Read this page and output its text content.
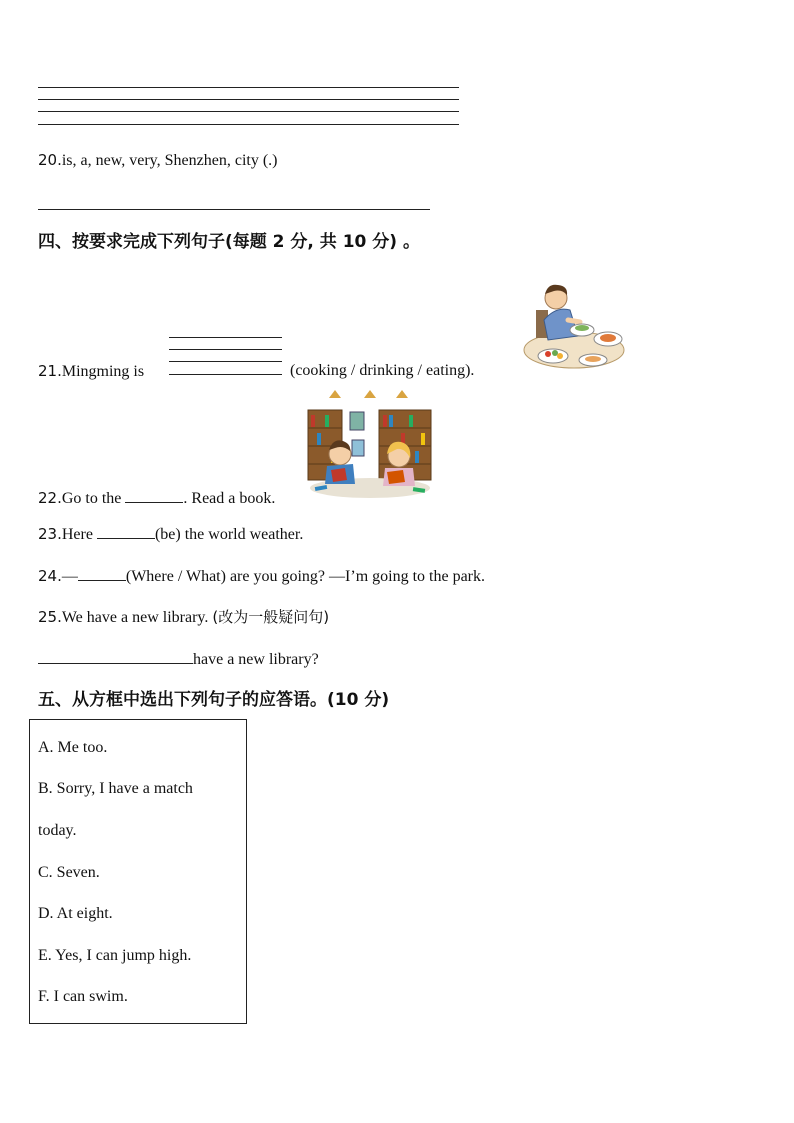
20.is, a, new, very, Shenzhen, city (.)
四、按要求完成下列句子(每题 2 分, 共 10 分) 。
21.Mingming is	(cooking / drinking / eating).
22.Go to the	. Read a book.
23.Here	(be) the world weather.
24.—	(Where / What) are you going? —I’m going to the park.
25.We have a new library. (改为一般疑问句)
have a new library?
五、从方框中选出下列句子的应答语。(10 分)
A. Me too.
B. Sorry, I have a match
today.
C. Seven.
D. At eight.
E. Yes, I can jump high.
F. I can swim.
